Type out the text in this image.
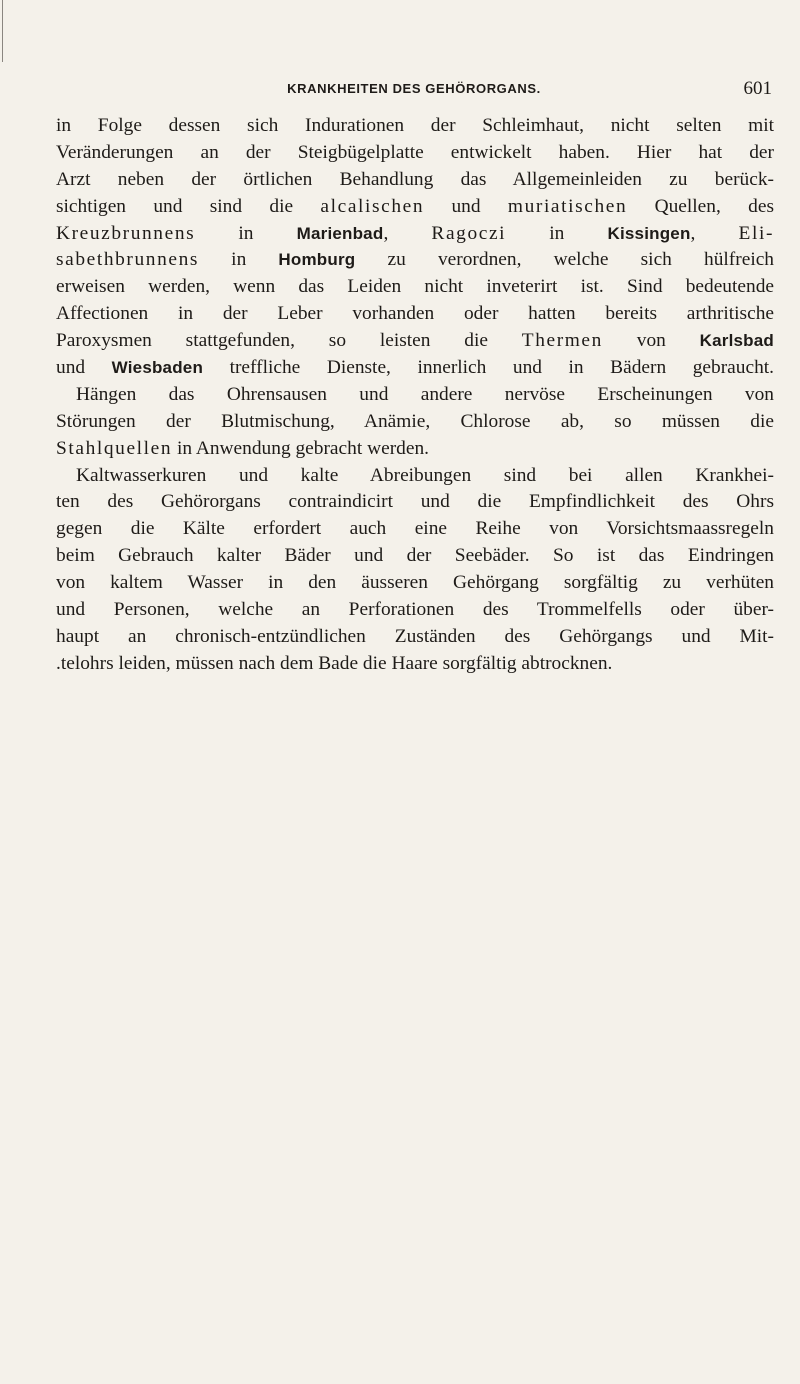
KRANKHEITEN DES GEHÖRORGANS.	601
in Folge dessen sich Indurationen der Schleimhaut, nicht selten mit
Veränderungen an der Steigbügelplatte entwickelt haben. Hier hat der
Arzt neben der örtlichen Behandlung das Allgemeinleiden zu berück-
sichtigen und sind die alcalischen und muriatischen Quellen, des
Kreuzbrunnens in Marienbad, Ragoczi in Kissingen, Eli-
sabethbrunnens in Homburg zu verordnen, welche sich hülfreich
erweisen werden, wenn das Leiden nicht inveterirt ist. Sind bedeutende
Affectionen in der Leber vorhanden oder hatten bereits arthritische
Paroxysmen stattgefunden, so leisten die Thermen von Karlsbad
und Wiesbaden treffliche Dienste, innerlich und in Bädern gebraucht.
Hängen das Ohrensausen und andere nervöse Erscheinungen von
Störungen der Blutmischung, Anämie, Chlorose ab, so müssen die
Stahlquellen in Anwendung gebracht werden.
Kaltwasserkuren und kalte Abreibungen sind bei allen Krankhei-
ten des Gehörorgans contraindicirt und die Empfindlichkeit des Ohrs
gegen die Kälte erfordert auch eine Reihe von Vorsichtsmaassregeln
beim Gebrauch kalter Bäder und der Seebäder. So ist das Eindringen
von kaltem Wasser in den äusseren Gehörgang sorgfältig zu verhüten
und Personen, welche an Perforationen des Trommelfells oder über-
haupt an chronisch-entzündlichen Zuständen des Gehörgangs und Mit-
.telohrs leiden, müssen nach dem Bade die Haare sorgfältig abtrocknen.
